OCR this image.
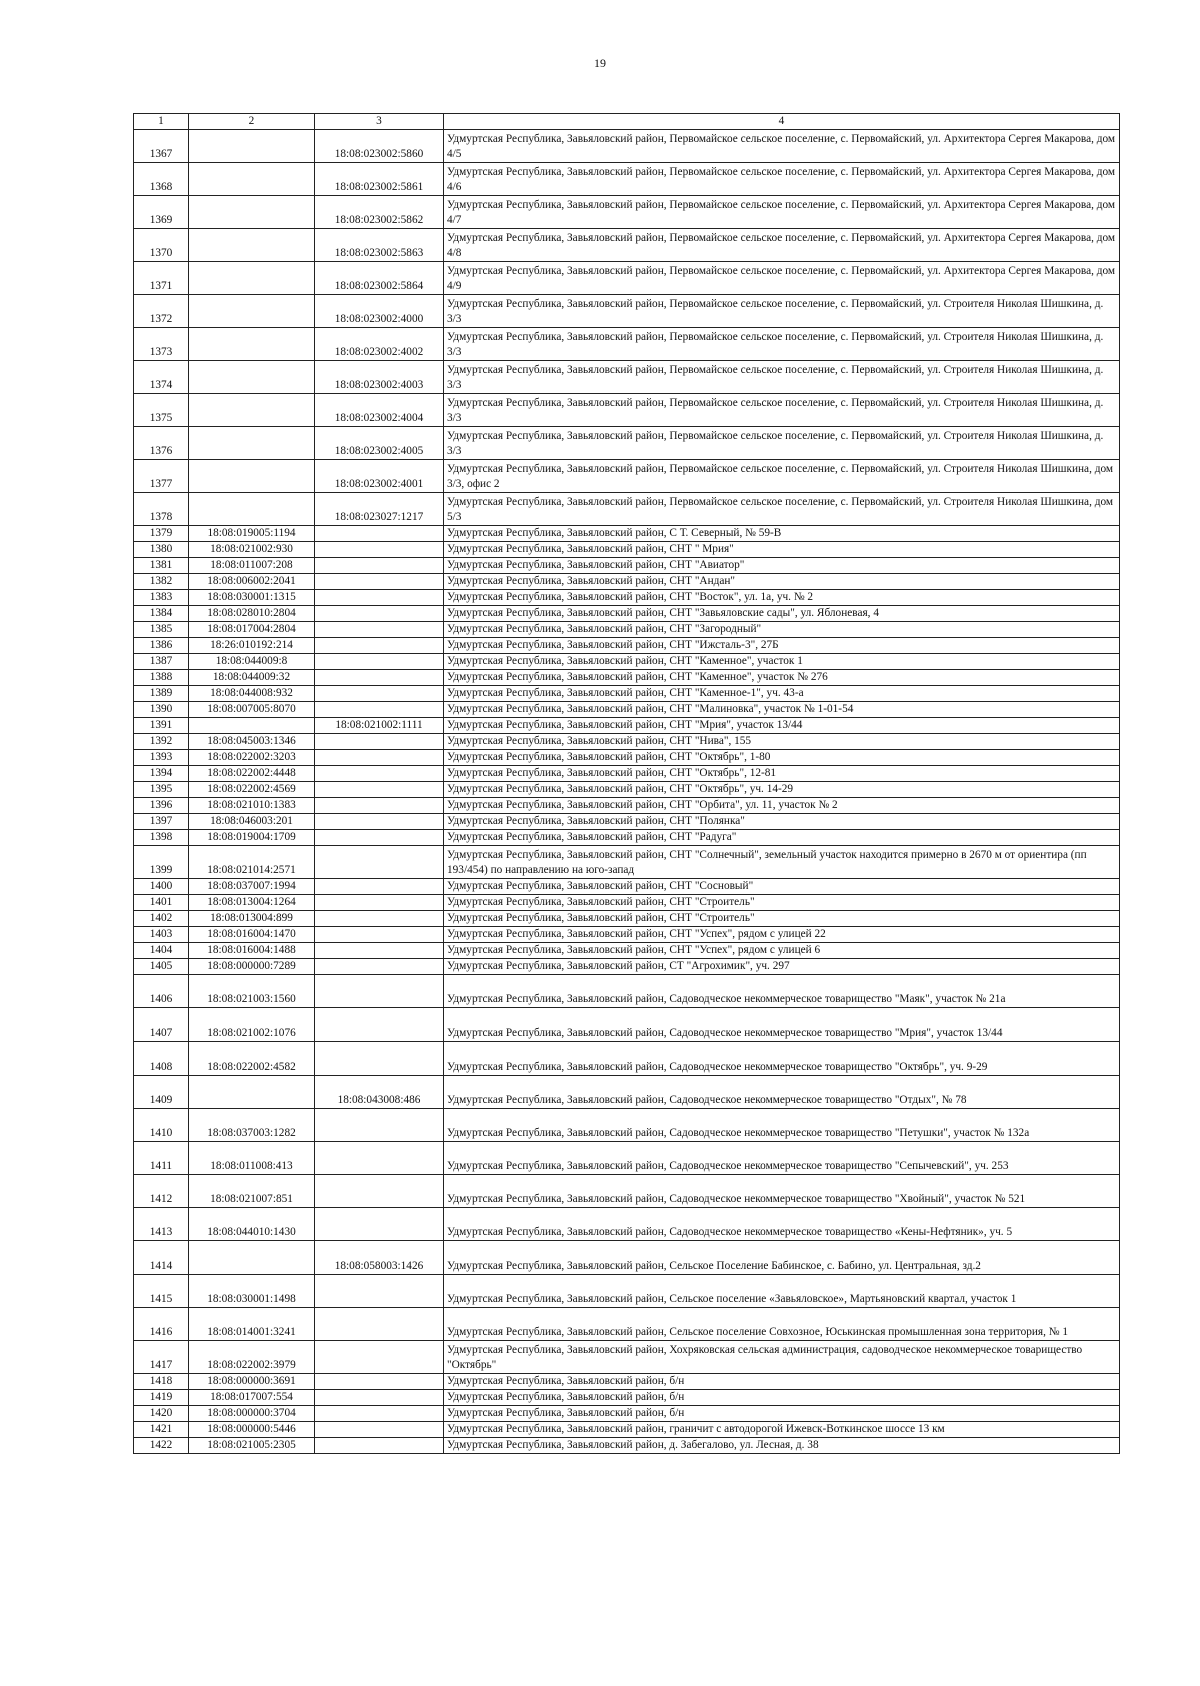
19
1	2	3	4
1367		18:08:023002:5860	Удмуртская Республика, Завьяловский район, Первомайское сельское поселение, с. Первомайский, ул. Архитектора Сергея Макарова, дом 4/5
1368		18:08:023002:5861	Удмуртская Республика, Завьяловский район, Первомайское сельское поселение, с. Первомайский, ул. Архитектора Сергея Макарова, дом 4/6
1369		18:08:023002:5862	Удмуртская Республика, Завьяловский район, Первомайское сельское поселение, с. Первомайский, ул. Архитектора Сергея Макарова, дом 4/7
1370		18:08:023002:5863	Удмуртская Республика, Завьяловский район, Первомайское сельское поселение, с. Первомайский, ул. Архитектора Сергея Макарова, дом 4/8
1371		18:08:023002:5864	Удмуртская Республика, Завьяловский район, Первомайское сельское поселение, с. Первомайский, ул. Архитектора Сергея Макарова, дом 4/9
1372		18:08:023002:4000	Удмуртская Республика, Завьяловский район, Первомайское сельское поселение, с. Первомайский, ул. Строителя Николая Шишкина, д. 3/3
1373		18:08:023002:4002	Удмуртская Республика, Завьяловский район, Первомайское сельское поселение, с. Первомайский, ул. Строителя Николая Шишкина, д. 3/3
1374		18:08:023002:4003	Удмуртская Республика, Завьяловский район, Первомайское сельское поселение, с. Первомайский, ул. Строителя Николая Шишкина, д. 3/3
1375		18:08:023002:4004	Удмуртская Республика, Завьяловский район, Первомайское сельское поселение, с. Первомайский, ул. Строителя Николая Шишкина, д. 3/3
1376		18:08:023002:4005	Удмуртская Республика, Завьяловский район, Первомайское сельское поселение, с. Первомайский, ул. Строителя Николая Шишкина, д. 3/3
1377		18:08:023002:4001	Удмуртская Республика, Завьяловский район, Первомайское сельское поселение, с. Первомайский, ул. Строителя Николая Шишкина, дом 3/3, офис 2
1378		18:08:023027:1217	Удмуртская Республика, Завьяловский район, Первомайское сельское поселение, с. Первомайский, ул. Строителя Николая Шишкина, дом 5/3
1379	18:08:019005:1194		Удмуртская Республика, Завьяловский район, С Т. Северный, № 59-В
1380	18:08:021002:930		Удмуртская Республика, Завьяловский район, СНТ " Мрия"
1381	18:08:011007:208		Удмуртская Республика, Завьяловский район, СНТ "Авиатор"
1382	18:08:006002:2041		Удмуртская Республика, Завьяловский район, СНТ "Андан"
1383	18:08:030001:1315		Удмуртская Республика, Завьяловский район, СНТ "Восток", ул. 1а, уч. № 2
1384	18:08:028010:2804		Удмуртская Республика, Завьяловский район, СНТ "Завьяловские сады", ул. Яблоневая, 4
1385	18:08:017004:2804		Удмуртская Республика, Завьяловский район, СНТ "Загородный"
1386	18:26:010192:214		Удмуртская Республика, Завьяловский район, СНТ "Ижсталь-3", 27Б
1387	18:08:044009:8		Удмуртская Республика, Завьяловский район, СНТ "Каменное", участок 1
1388	18:08:044009:32		Удмуртская Республика, Завьяловский район, СНТ "Каменное", участок № 276
1389	18:08:044008:932		Удмуртская Республика, Завьяловский район, СНТ "Каменное-1", уч. 43-а
1390	18:08:007005:8070		Удмуртская Республика, Завьяловский район, СНТ "Малиновка", участок № 1-01-54
1391		18:08:021002:1111	Удмуртская Республика, Завьяловский район, СНТ "Мрия", участок 13/44
1392	18:08:045003:1346		Удмуртская Республика, Завьяловский район, СНТ "Нива", 155
1393	18:08:022002:3203		Удмуртская Республика, Завьяловский район, СНТ "Октябрь", 1-80
1394	18:08:022002:4448		Удмуртская Республика, Завьяловский район, СНТ "Октябрь", 12-81
1395	18:08:022002:4569		Удмуртская Республика, Завьяловский район, СНТ "Октябрь", уч. 14-29
1396	18:08:021010:1383		Удмуртская Республика, Завьяловский район, СНТ "Орбита", ул. 11, участок № 2
1397	18:08:046003:201		Удмуртская Республика, Завьяловский район, СНТ "Полянка"
1398	18:08:019004:1709		Удмуртская Республика, Завьяловский район, СНТ "Радуга"
1399	18:08:021014:2571		Удмуртская Республика, Завьяловский район, СНТ "Солнечный", земельный участок находится примерно в 2670 м от ориентира (пп 193/454) по направлению на юго-запад
1400	18:08:037007:1994		Удмуртская Республика, Завьяловский район, СНТ "Сосновый"
1401	18:08:013004:1264		Удмуртская Республика, Завьяловский район, СНТ "Строитель"
1402	18:08:013004:899		Удмуртская Республика, Завьяловский район, СНТ "Строитель"
1403	18:08:016004:1470		Удмуртская Республика, Завьяловский район, СНТ "Успех", рядом с улицей 22
1404	18:08:016004:1488		Удмуртская Республика, Завьяловский район, СНТ "Успех", рядом с улицей 6
1405	18:08:000000:7289		Удмуртская Республика, Завьяловский район, СТ "Агрохимик", уч. 297
1406	18:08:021003:1560		Удмуртская Республика, Завьяловский район, Садоводческое некоммерческое товарищество "Маяк", участок № 21а
1407	18:08:021002:1076		Удмуртская Республика, Завьяловский район, Садоводческое некоммерческое товарищество "Мрия", участок 13/44
1408	18:08:022002:4582		Удмуртская Республика, Завьяловский район, Садоводческое некоммерческое товарищество "Октябрь", уч. 9-29
1409		18:08:043008:486	Удмуртская Республика, Завьяловский район, Садоводческое некоммерческое товарищество "Отдых", № 78
1410	18:08:037003:1282		Удмуртская Республика, Завьяловский район, Садоводческое некоммерческое товарищество "Петушки", участок № 132а
1411	18:08:011008:413		Удмуртская Республика, Завьяловский район, Садоводческое некоммерческое товарищество "Сепычевский", уч. 253
1412	18:08:021007:851		Удмуртская Республика, Завьяловский район, Садоводческое некоммерческое товарищество "Хвойный", участок № 521
1413	18:08:044010:1430		Удмуртская Республика, Завьяловский район, Садоводческое некоммерческое товарищество «Кены-Нефтяник», уч. 5
1414		18:08:058003:1426	Удмуртская Республика, Завьяловский район, Сельское Поселение Бабинское, с. Бабино, ул. Центральная, зд.2
1415	18:08:030001:1498		Удмуртская Республика, Завьяловский район, Сельское поселение «Завьяловское», Мартьяновский квартал, участок 1
1416	18:08:014001:3241		Удмуртская Республика, Завьяловский район, Сельское поселение Совхозное, Юськинская промышленная зона территория, № 1
1417	18:08:022002:3979		Удмуртская Республика, Завьяловский район, Хохряковская сельская администрация, садоводческое некоммерческое товарищество "Октябрь"
1418	18:08:000000:3691		Удмуртская Республика, Завьяловский район, б/н
1419	18:08:017007:554		Удмуртская Республика, Завьяловский район, б/н
1420	18:08:000000:3704		Удмуртская Республика, Завьяловский район, б/н
1421	18:08:000000:5446		Удмуртская Республика, Завьяловский район, граничит с автодорогой Ижевск-Воткинское шоссе 13 км
1422	18:08:021005:2305		Удмуртская Республика, Завьяловский район, д. Забегалово, ул. Лесная, д. 38
